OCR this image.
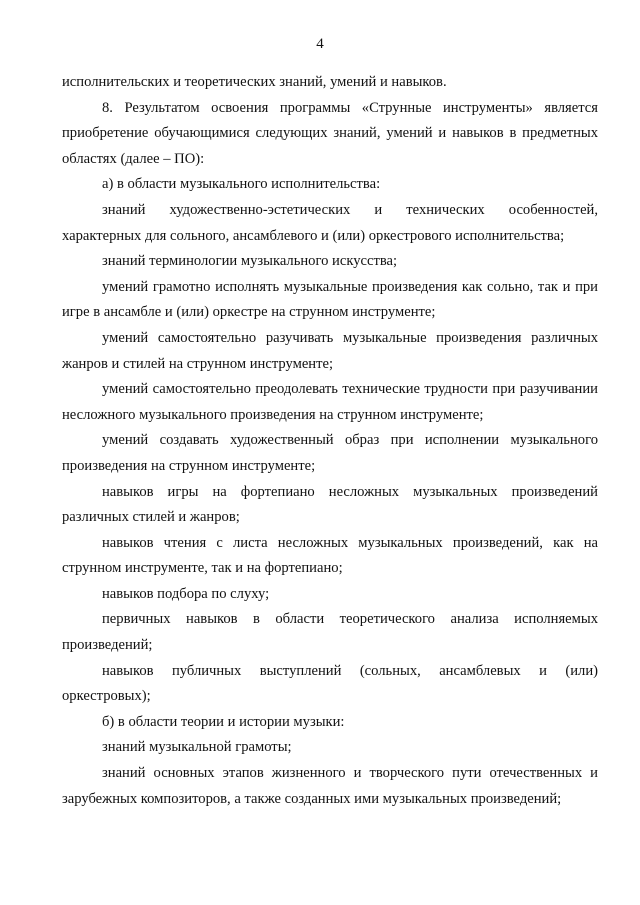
4

исполнительских и теоретических знаний, умений и навыков.

8. Результатом освоения программы «Струнные инструменты» является приобретение обучающимися следующих знаний, умений и навыков в предметных областях (далее – ПО):

а) в области музыкального исполнительства:

знаний художественно-эстетических и технических особенностей, характерных для сольного, ансамблевого и (или) оркестрового исполнительства;

знаний терминологии музыкального искусства;

умений грамотно исполнять музыкальные произведения как сольно, так и при игре в ансамбле и (или) оркестре на струнном инструменте;

умений самостоятельно разучивать музыкальные произведения различных жанров и стилей на струнном инструменте;

умений самостоятельно преодолевать технические трудности при разучивании несложного музыкального произведения на струнном инструменте;

умений создавать художественный образ при исполнении музыкального произведения на струнном инструменте;

навыков игры на фортепиано несложных музыкальных произведений различных стилей и жанров;

навыков чтения с листа несложных музыкальных произведений, как на струнном инструменте, так и на фортепиано;

навыков подбора по слуху;

первичных навыков в области теоретического анализа исполняемых произведений;

навыков публичных выступлений (сольных, ансамблевых и (или) оркестровых);

б) в области теории и истории музыки:

знаний музыкальной грамоты;

знаний основных этапов жизненного и творческого пути отечественных и зарубежных композиторов, а также созданных ими музыкальных произведений;
